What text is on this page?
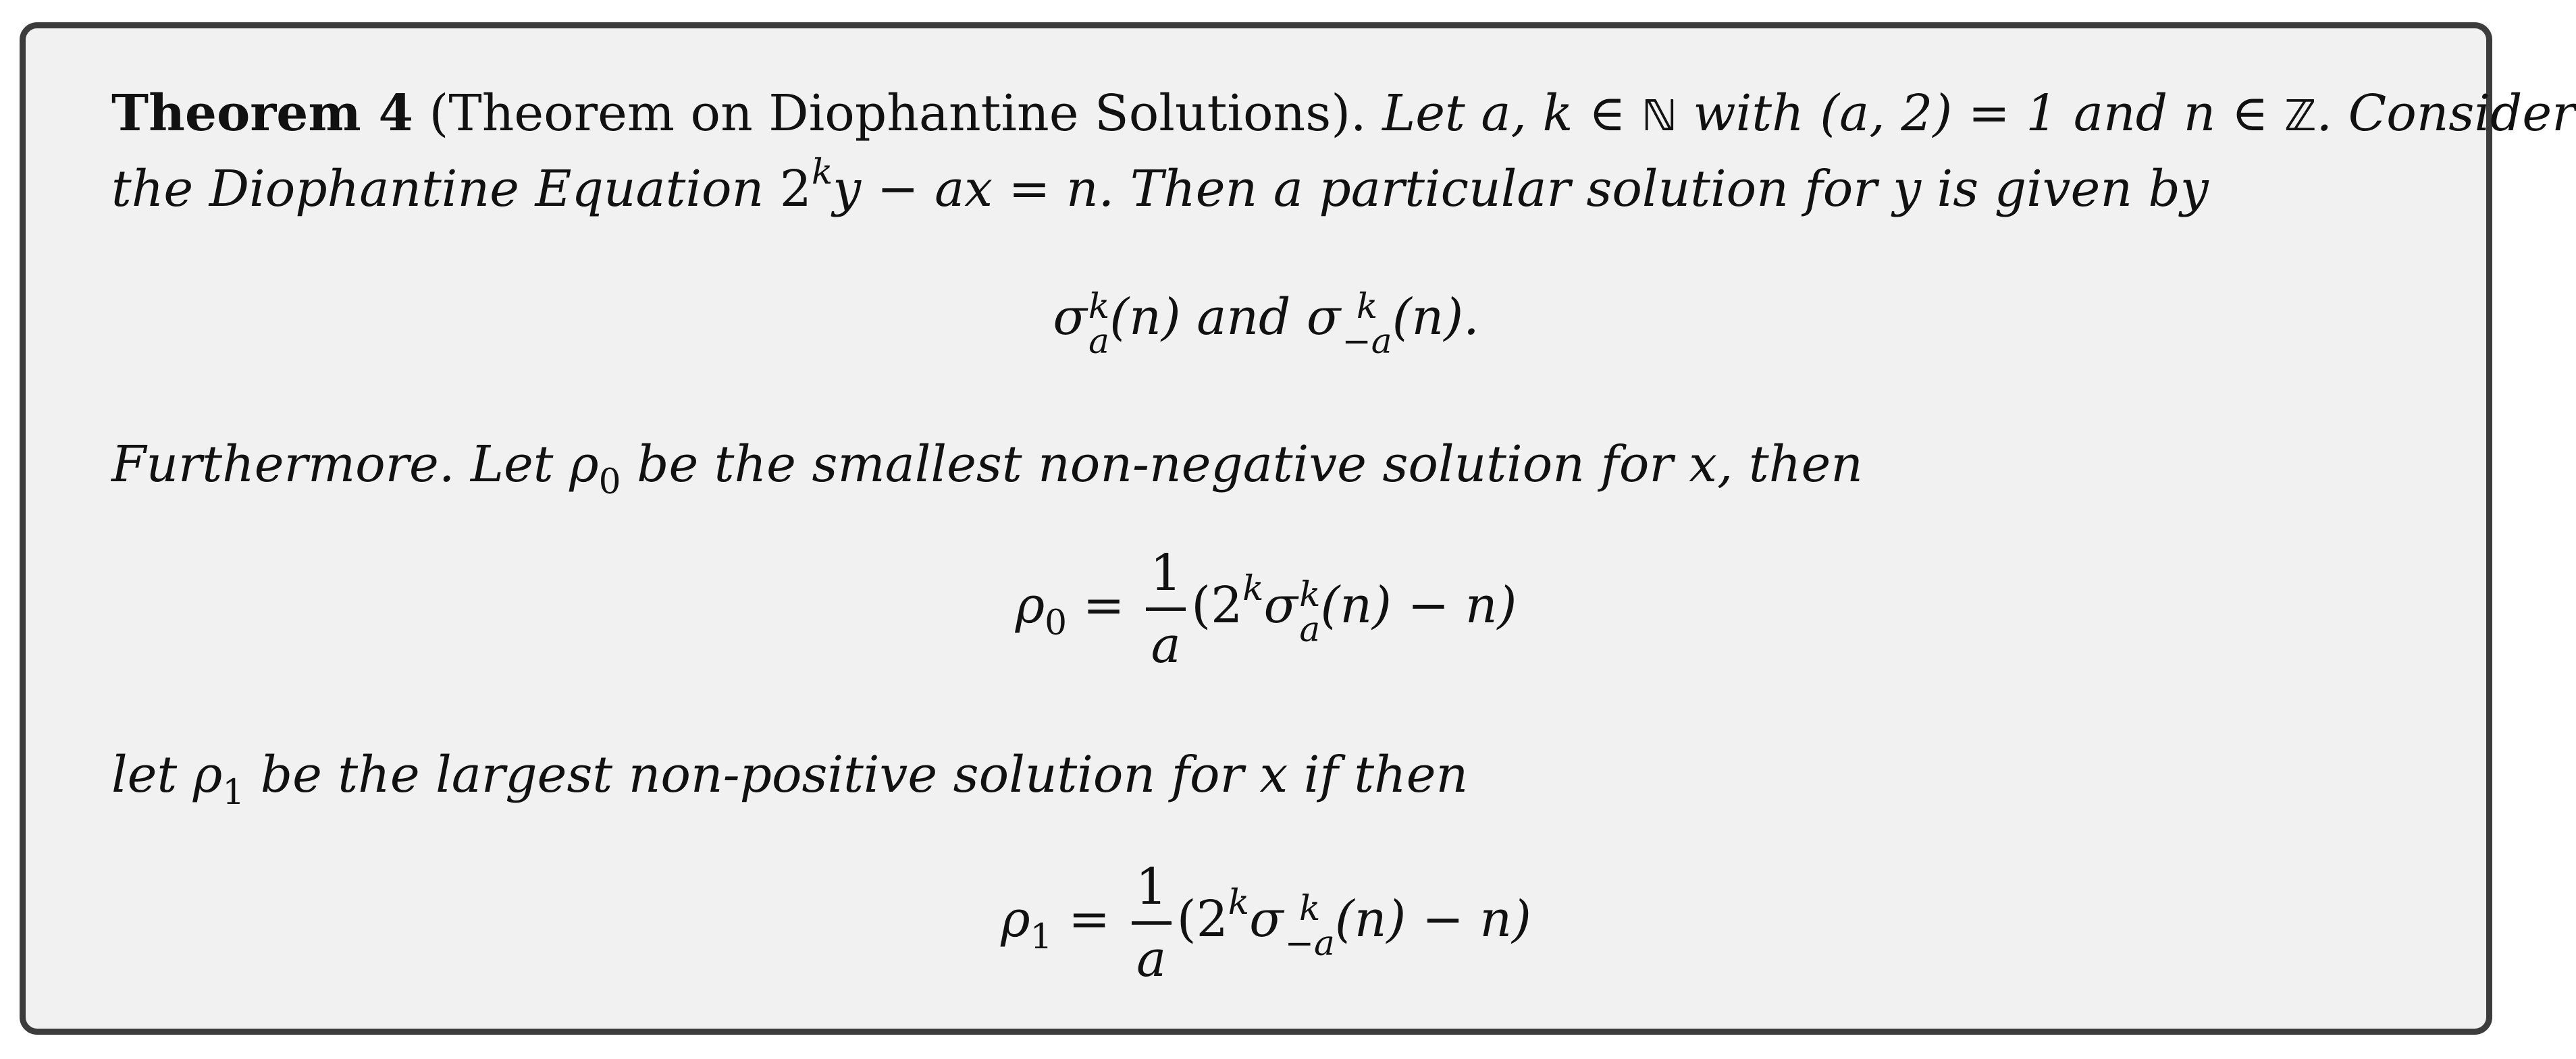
Theorem 4 (Theorem on Diophantine Solutions). Let a, k ∈ ℕ with (a, 2) = 1 and n ∈ ℤ. Consider

the Diophantine Equation $2^ky$ − ax = n. Then a particular solution for y is given by

σ k
a (n) and σ k
−a (n).

Furthermore. Let $\rho_0$ be the smallest non-negative solution for x, then

$\rho_0 = \frac{1}{a} (2^k\sigma$ k
a (n) − n)

let $\rho_1$ be the largest non-positive solution for x if then

$\rho_1 = \frac{1}{a} (2^k\sigma$ k
−a (n) − n)
